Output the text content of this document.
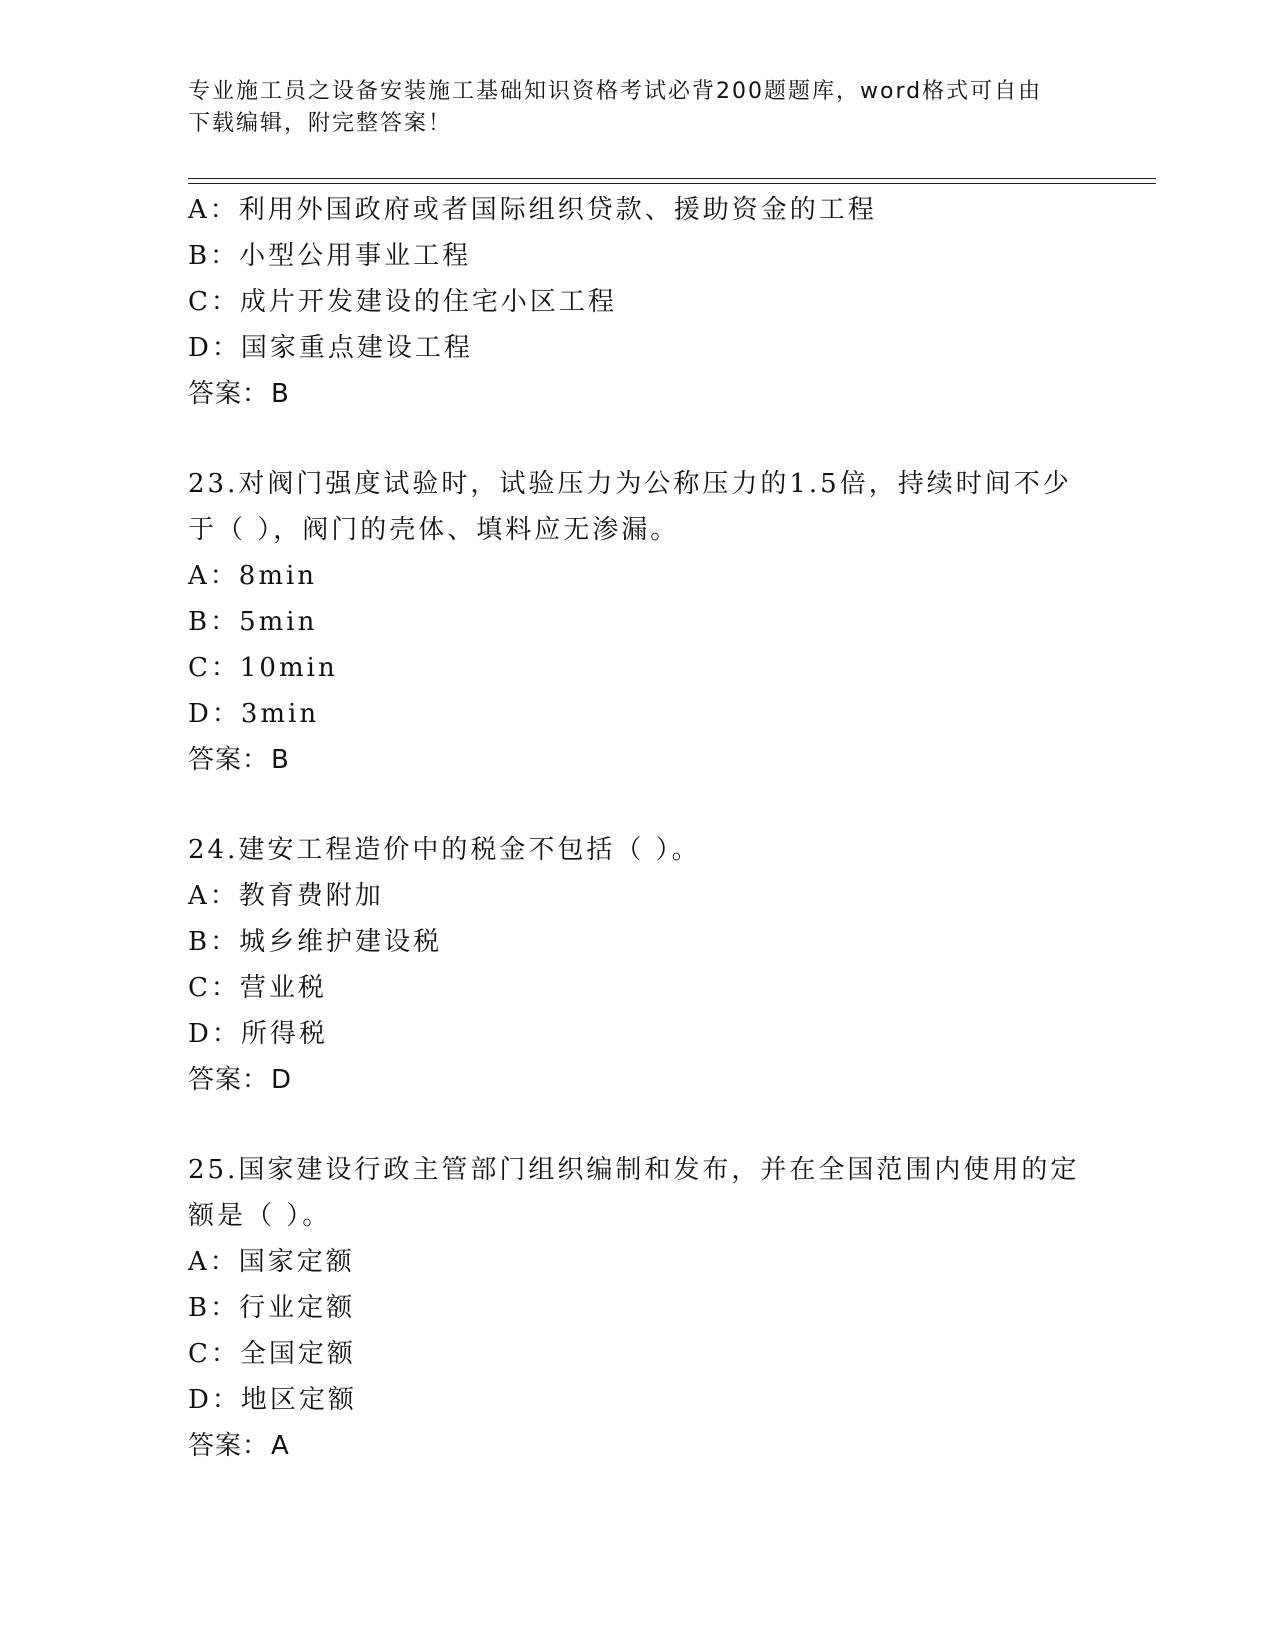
专业施工员之设备安装施工基础知识资格考试必背200题题库，word格式可自由
下载编辑，附完整答案！
A：利用外国政府或者国际组织贷款、援助资金的工程
B：小型公用事业工程
C：成片开发建设的住宅小区工程
D：国家重点建设工程
答案：B
23.对阀门强度试验时，试验压力为公称压力的1.5倍，持续时间不少
于（ ），阀门的壳体、填料应无渗漏。
A：8min
B：5min
C：10min
D：3min
答案：B
24.建安工程造价中的税金不包括（ ）。
A：教育费附加
B：城乡维护建设税
C：营业税
D：所得税
答案：D
25.国家建设行政主管部门组织编制和发布，并在全国范围内使用的定
额是（ ）。
A：国家定额
B：行业定额
C：全国定额
D：地区定额
答案：A
